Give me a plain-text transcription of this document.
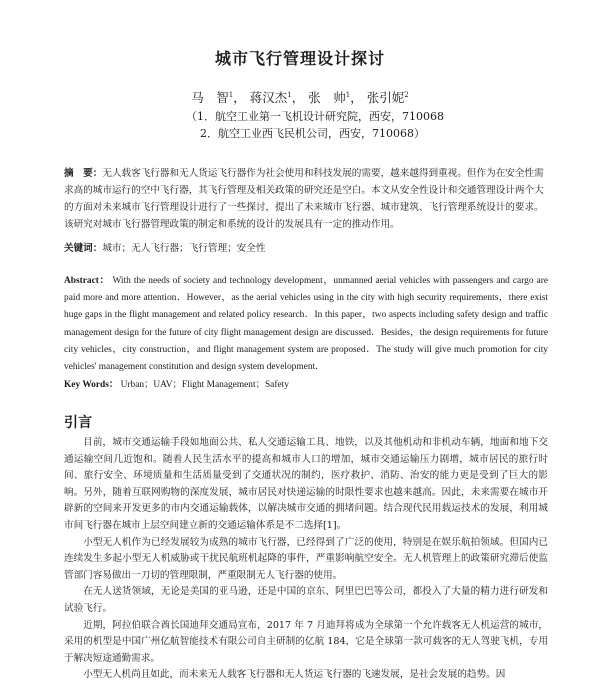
城市飞行管理设计探讨
马　智$^1$， 蒋汉杰$^1$， 张　帅$^1$， 张引妮$^2$
（1．航空工业第一飞机设计研究院，西安，710068
2．航空工业西飞民机公司，西安，710068）
摘　要：无人载客飞行器和无人货运飞行器作为社会使用和科技发展的需要，越来越得到重视。但作为在安全性需求高的城市运行的空中飞行器，其飞行管理及相关政策的研究还是空白。本文从安全性设计和交通管理设计两个大的方面对未来城市飞行管理设计进行了一些探讨，提出了未来城市飞行器、城市建筑、飞行管理系统设计的要求。该研究对城市飞行器管理政策的制定和系统的设计的发展具有一定的推动作用。
关键词：城市；无人飞行器；飞行管理；安全性
Abstract： With the needs of society and technology development，unmanned aerial vehicles with passengers and cargo are paid more and more attention．However，as the aerial vehicles using in the city with high security requirements，there exist huge gaps in the flight management and related policy research．In this paper，two aspects including safety design and traffic management design for the future of city flight management design are discussed．Besides，the design requirements for future city vehicles，city construction，and flight management system are proposed．The study will give much promotion for city vehicles' management constitution and design system development．
Key Words： Urban；UAV；Flight Management；Safety
引言

目前，城市交通运输手段如地面公共、私人交通运输工具、地铁，以及其他机动和非机动车辆，地面和地下交通运输空间几近饱和。随着人民生活水平的提高和城市人口的增加，城市交通运输压力剧增，城市居民的旅行时间、旅行安全、环境质量和生活质量受到了交通状况的制约，医疗救护、消防、治安的能力更是受到了巨大的影响。另外，随着互联网购物的深度发展，城市居民对快递运输的时限性要求也越来越高。因此，未来需要在城市开辟新的空间来开发更多的市内交通运输载体，以解决城市交通的拥堵问题。结合现代民用载运技术的发展，利用城市间飞行器在城市上层空间建立新的交通运输体系是不二选择[1]。

小型无人机作为已经发展较为成熟的城市飞行器，已经得到了广泛的使用，特别是在娱乐航拍领域。但国内已连续发生多起小型无人机威胁或干扰民航班机起降的事件，严重影响航空安全。无人机管理上的政策研究滞后使监管部门容易做出一刀切的管理限制，严重限制无人飞行器的使用。

在无人送货领域，无论是美国的亚马逊，还是中国的京东、阿里巴巴等公司，都投入了大量的精力进行研发和试验飞行。

近期，阿拉伯联合酋长国迪拜交通局宣布，2017 年 7 月迪拜将成为全球第一个允许载客无人机运营的城市，采用的机型是中国广州亿航智能技术有限公司自主研制的亿航 184，它是全球第一款可载客的无人驾驶飞机，专用于解决短途通勤需求。

小型无人机尚且如此，而未来无人载客飞行器和无人货运飞行器的飞速发展，是社会发展的趋势。因
